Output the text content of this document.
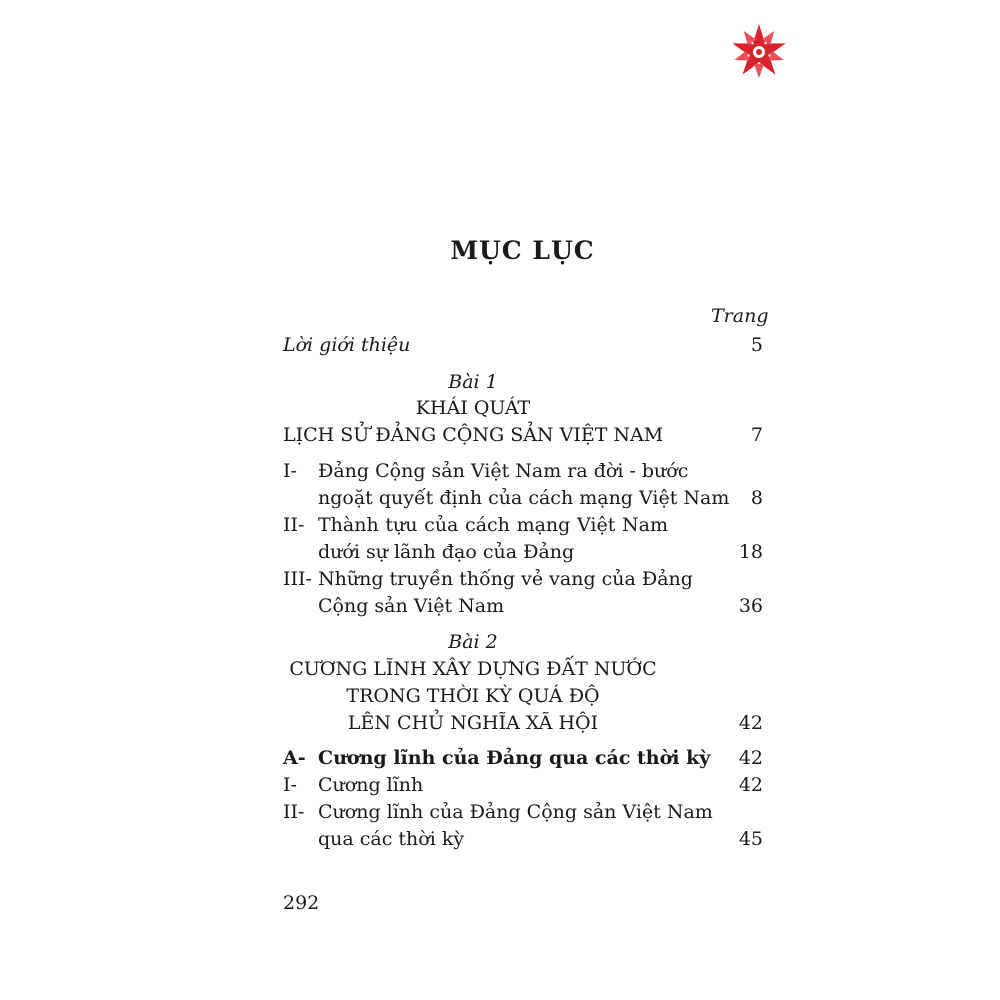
MỤC LỤC
Trang
Lời giới thiệu	5
Bài 1
KHÁI QUÁT
LỊCH SỬ ĐẢNG CỘNG SẢN VIỆT NAM	7
I- Đảng Cộng sản Việt Nam ra đời - bước
ngoặt quyết định của cách mạng Việt Nam	8
II- Thành tựu của cách mạng Việt Nam
dưới sự lãnh đạo của Đảng	18
III- Những truyền thống vẻ vang của Đảng
Cộng sản Việt Nam	36
Bài 2
CƯƠNG LĨNH XÂY DỰNG ĐẤT NƯỚC
TRONG THỜI KỲ QUÁ ĐỘ
LÊN CHỦ NGHĨA XÃ HỘI	42
A- Cương lĩnh của Đảng qua các thời kỳ	42
I- Cương lĩnh	42
II- Cương lĩnh của Đảng Cộng sản Việt Nam
qua các thời kỳ	45
292
